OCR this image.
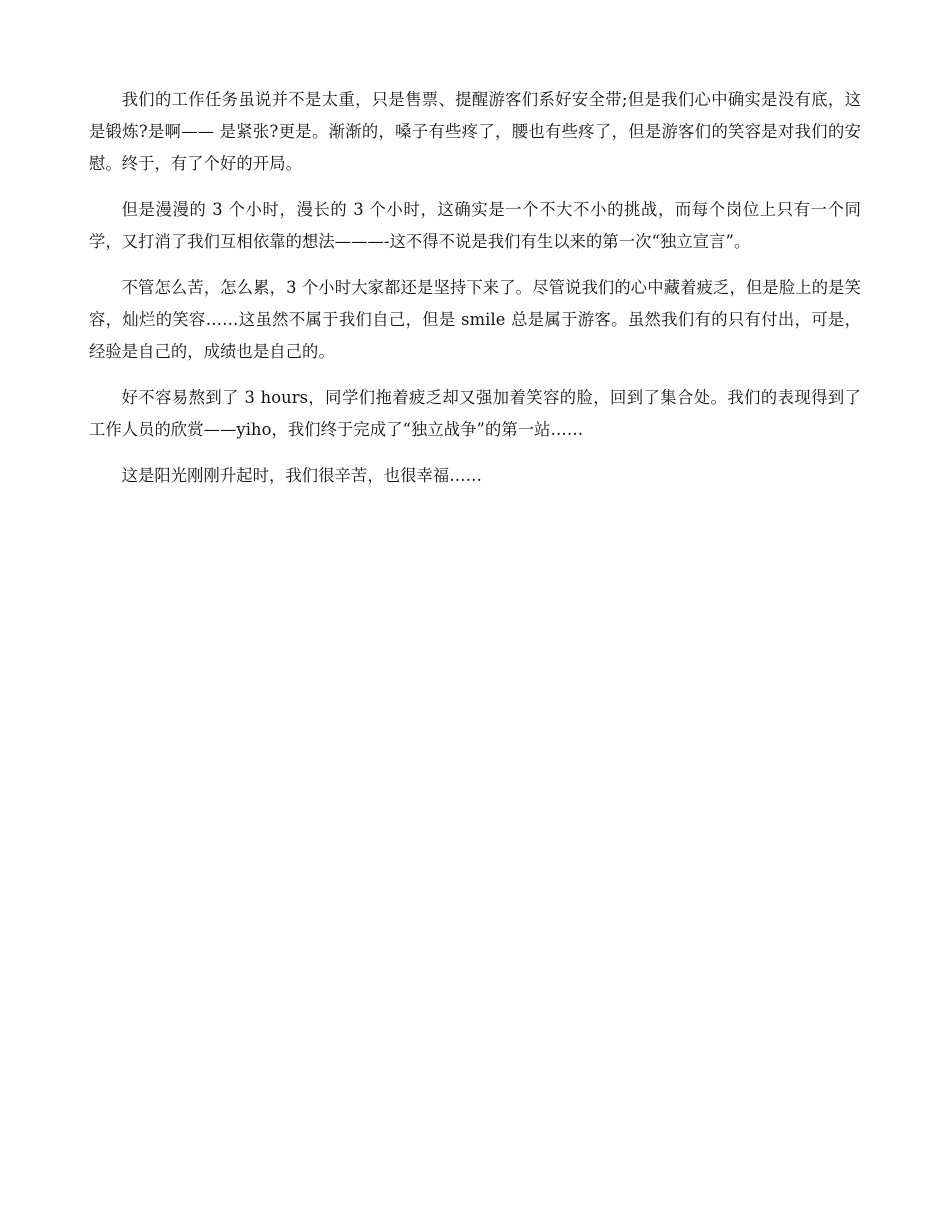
我们的工作任务虽说并不是太重，只是售票、提醒游客们系好安全带;但是我们心中确实是没有底，这是锻炼?是啊—— 是紧张?更是。渐渐的，嗓子有些疼了，腰也有些疼了，但是游客们的笑容是对我们的安慰。终于，有了个好的开局。

但是漫漫的 3 个小时，漫长的 3 个小时，这确实是一个不大不小的挑战，而每个岗位上只有一个同学，又打消了我们互相依靠的想法———-这不得不说是我们有生以来的第一次“独立宣言”。

不管怎么苦，怎么累，3 个小时大家都还是坚持下来了。尽管说我们的心中藏着疲乏，但是脸上的是笑容，灿烂的笑容……这虽然不属于我们自己，但是 smile 总是属于游客。虽然我们有的只有付出，可是，经验是自己的，成绩也是自己的。

好不容易熬到了 3 hours，同学们拖着疲乏却又强加着笑容的脸，回到了集合处。我们的表现得到了工作人员的欣赏——yiho，我们终于完成了“独立战争”的第一站……

这是阳光刚刚升起时，我们很辛苦，也很幸福……
